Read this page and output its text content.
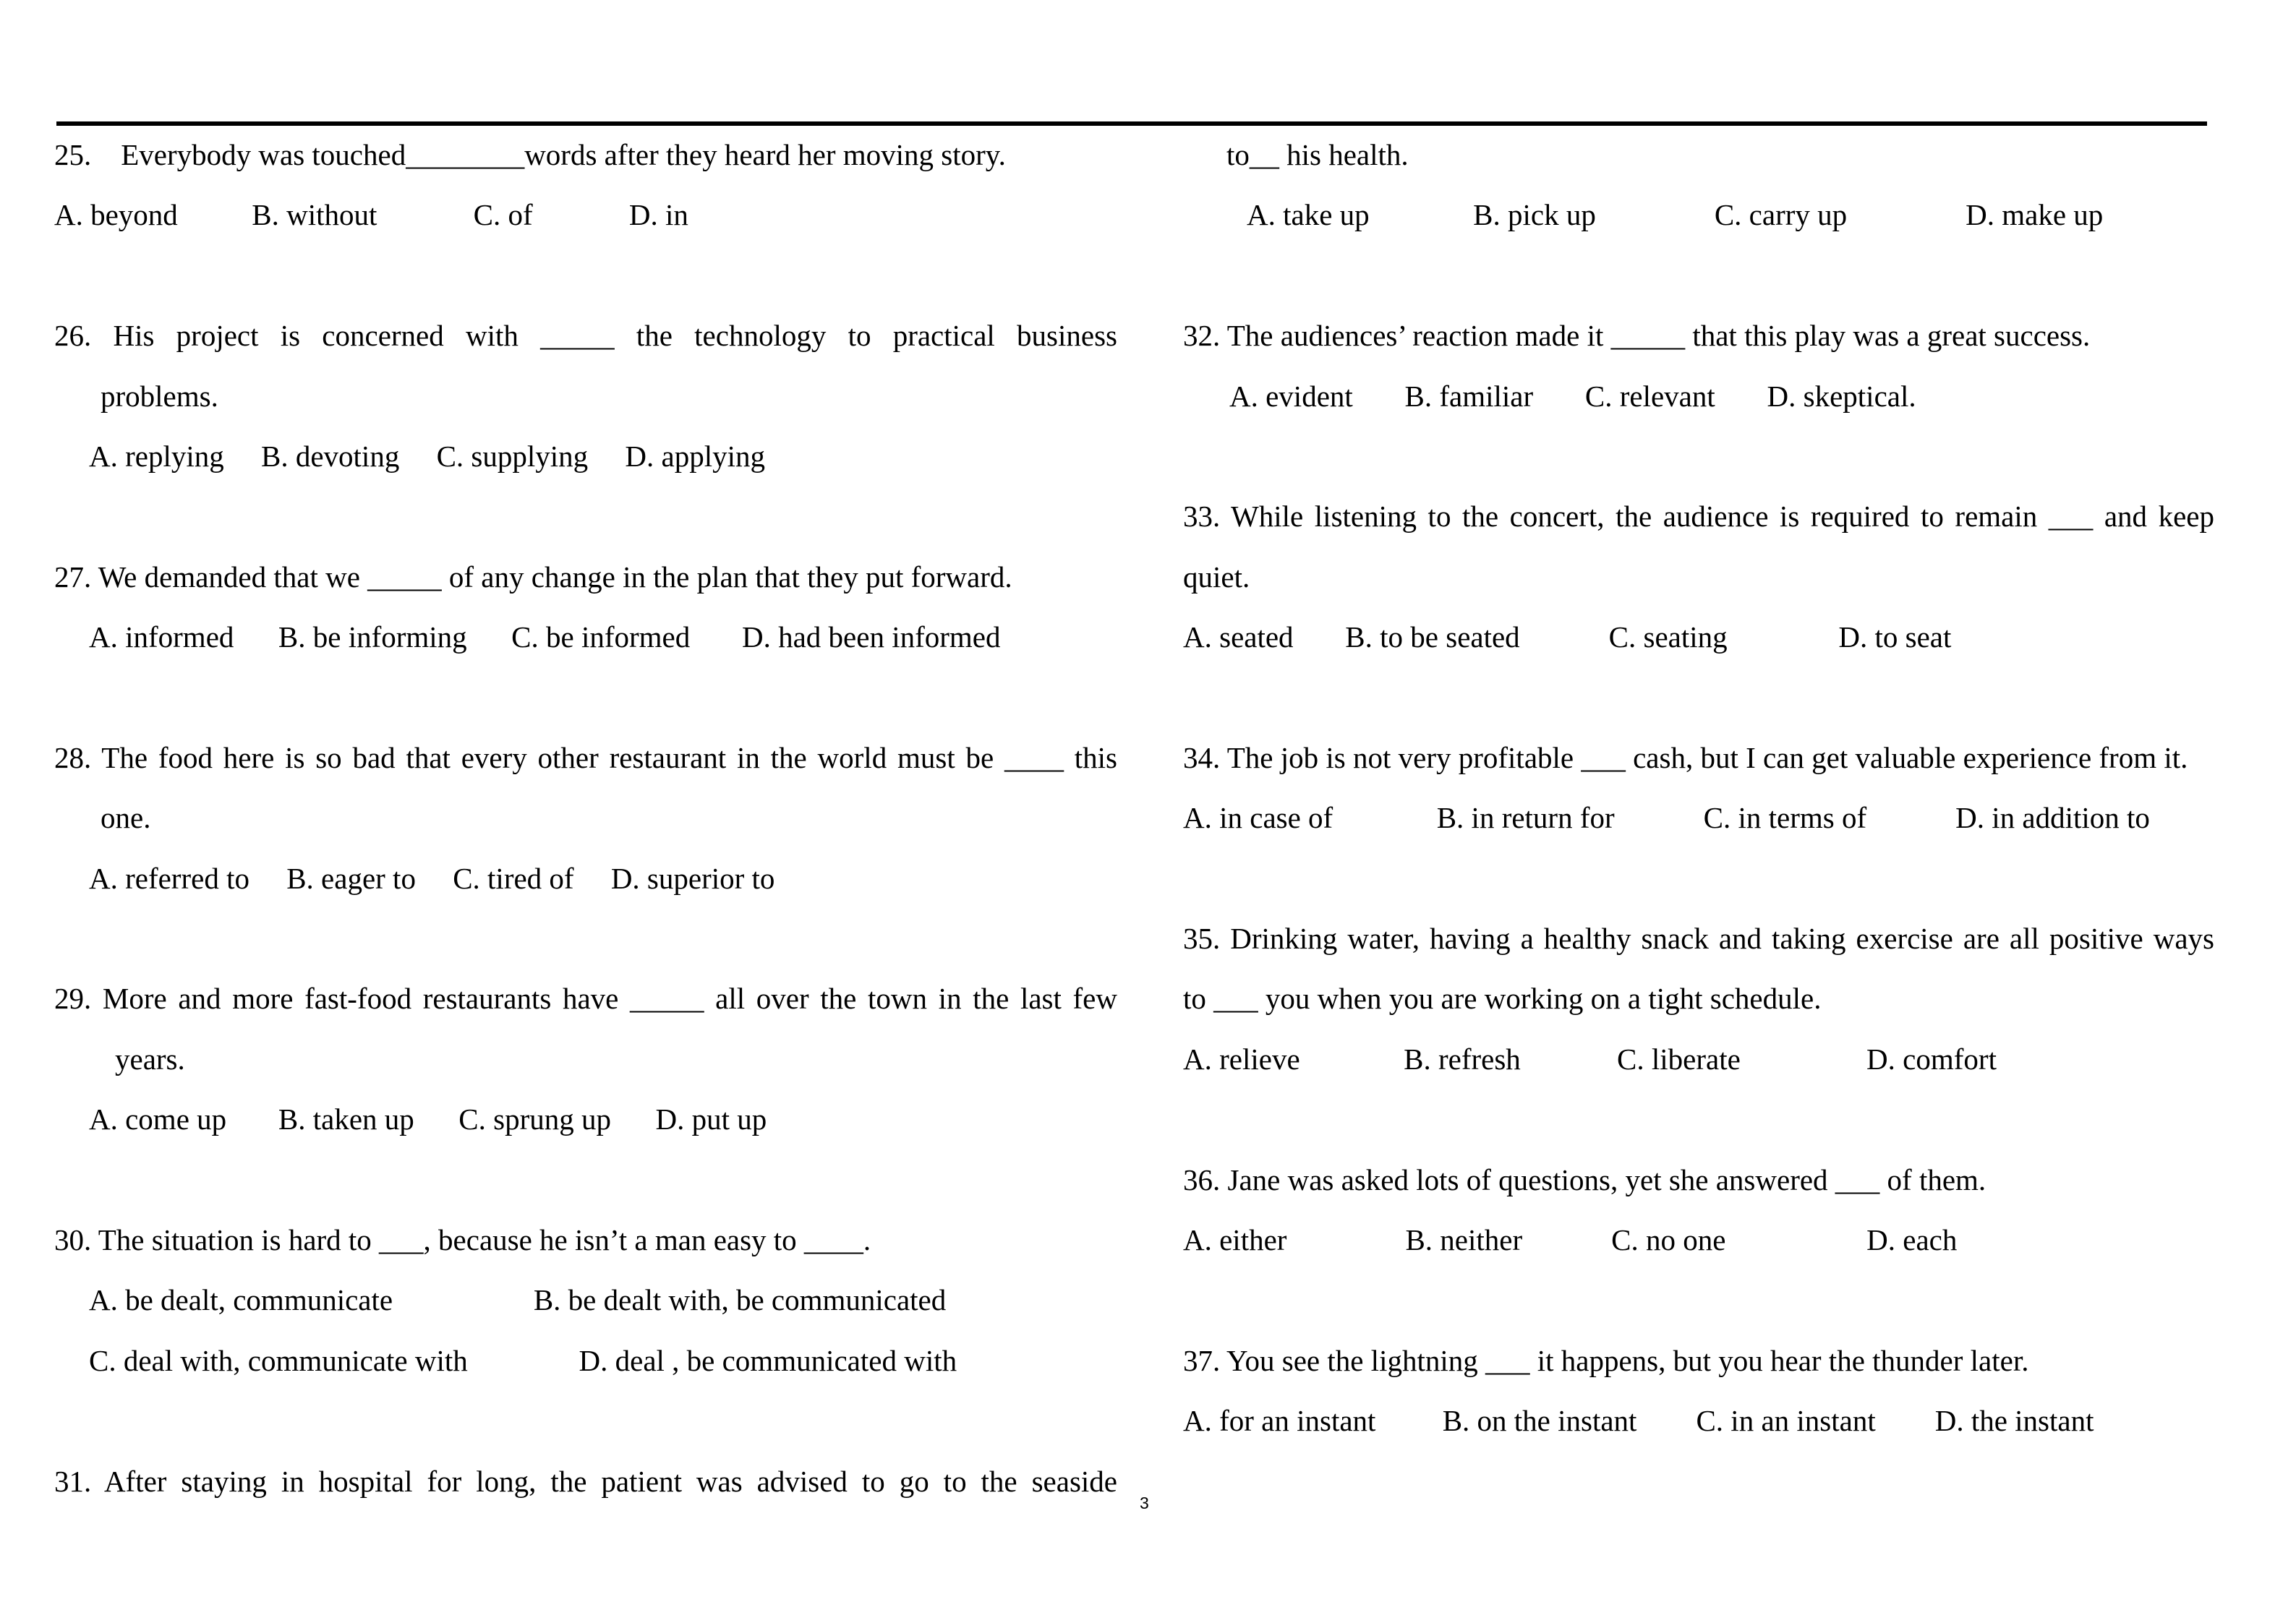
25.    Everybody was touched________words after they heard her moving story.
A. beyond          B. without             C. of             D. in
26. His project is concerned with _____ the technology to practical business
problems.
A. replying     B. devoting     C. supplying     D. applying
27. We demanded that we _____ of any change in the plan that they put forward.
A. informed      B. be informing      C. be informed       D. had been informed
28. The food here is so bad that every other restaurant in the world must be ____ this
one.
A. referred to     B. eager to     C. tired of     D. superior to
29. More and more fast-food restaurants have _____ all over the town in the last few
years.
A. come up       B. taken up      C. sprung up      D. put up
30. The situation is hard to ___, because he isn’t a man easy to ____.
A. be dealt, communicate                   B. be dealt with, be communicated
C. deal with, communicate with               D. deal , be communicated with
31. After staying in hospital for long, the patient was advised to go to the seaside
to__ his health.
A. take up              B. pick up                C. carry up                D. make up
32. The audiences’ reaction made it _____ that this play was a great success.
A. evident       B. familiar       C. relevant       D. skeptical.
33. While listening to the concert, the audience is required to remain ___ and keep
quiet.
A. seated       B. to be seated            C. seating               D. to seat
34. The job is not very profitable ___ cash, but I can get valuable experience from it.
A. in case of              B. in return for            C. in terms of            D. in addition to
35. Drinking water, having a healthy snack and taking exercise are all positive ways
to ___ you when you are working on a tight schedule.
A. relieve              B. refresh             C. liberate                 D. comfort
36. Jane was asked lots of questions, yet she answered ___ of them.
A. either                B. neither            C. no one                   D. each
37. You see the lightning ___ it happens, but you hear the thunder later.
A. for an instant         B. on the instant        C. in an instant        D. the instant
3
